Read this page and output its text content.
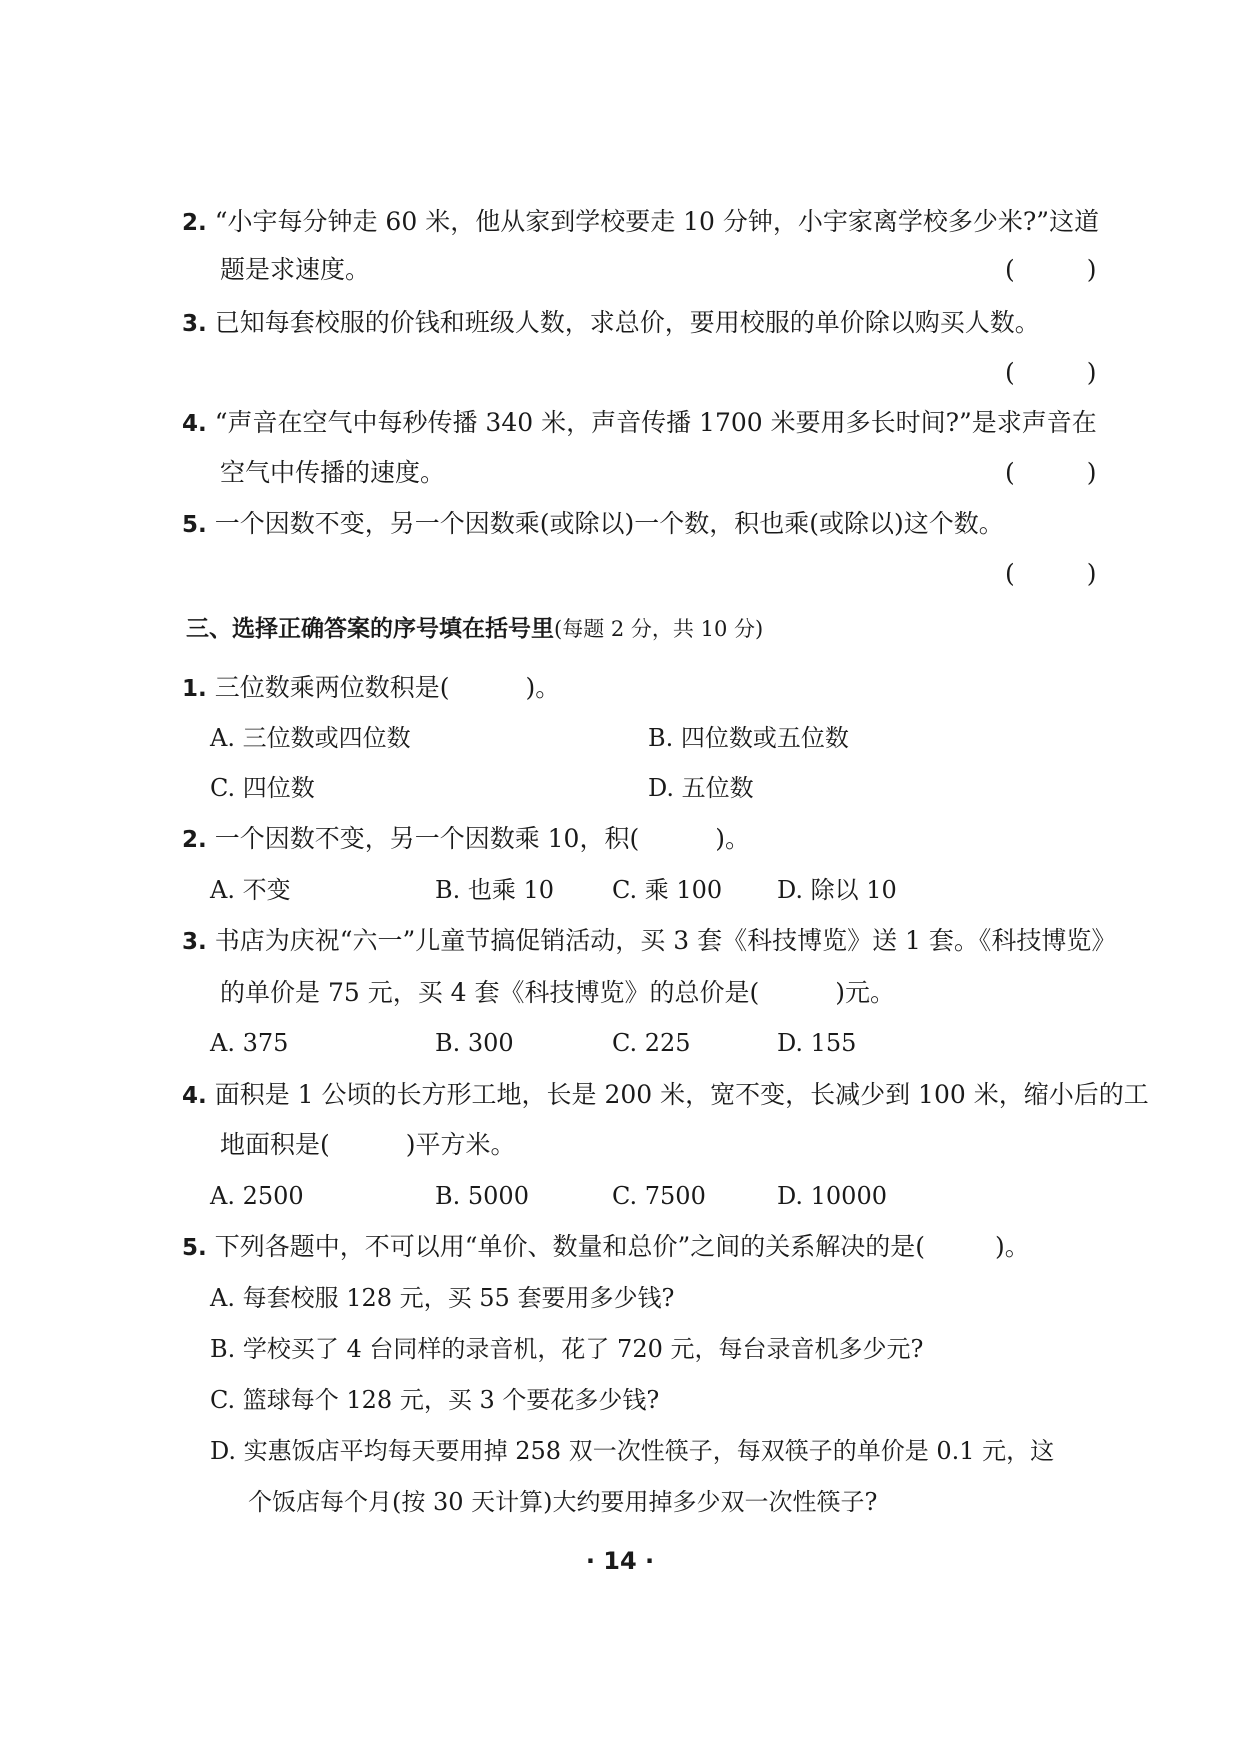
2. “小宇每分钟走 60 米，他从家到学校要走 10 分钟，小宇家离学校多少米?”这道
题是求速度。	(	)
3. 已知每套校服的价钱和班级人数，求总价，要用校服的单价除以购买人数。
(	)
4. “声音在空气中每秒传播 340 米，声音传播 1700 米要用多长时间?”是求声音在
空气中传播的速度。	(	)
5. 一个因数不变，另一个因数乘(或除以)一个数，积也乘(或除以)这个数。
(	)
三、选择正确答案的序号填在括号里(每题 2 分，共 10 分)
1. 三位数乘两位数积是(	)。
A. 三位数或四位数	B. 四位数或五位数
C. 四位数	D. 五位数
2. 一个因数不变，另一个因数乘 10，积(	)。
A. 不变	B. 也乘 10 C. 乘 100 D. 除以 10
3. 书店为庆祝“六一”儿童节搞促销活动，买 3 套《科技博览》送 1 套。《科技博览》
的单价是 75 元，买 4 套《科技博览》的总价是(	)元。
A. 375	B. 300	C. 225	D. 155
4. 面积是 1 公顷的长方形工地，长是 200 米，宽不变，长减少到 100 米，缩小后的工
地面积是(	)平方米。
A. 2500	B. 5000	C. 7500	D. 10000
5. 下列各题中，不可以用“单价、数量和总价”之间的关系解决的是(	)。
A. 每套校服 128 元，买 55 套要用多少钱?
B. 学校买了 4 台同样的录音机，花了 720 元，每台录音机多少元?
C. 篮球每个 128 元，买 3 个要花多少钱?
D. 实惠饭店平均每天要用掉 258 双一次性筷子，每双筷子的单价是 0.1 元，这
个饭店每个月(按 30 天计算)大约要用掉多少双一次性筷子?
· 14 ·
